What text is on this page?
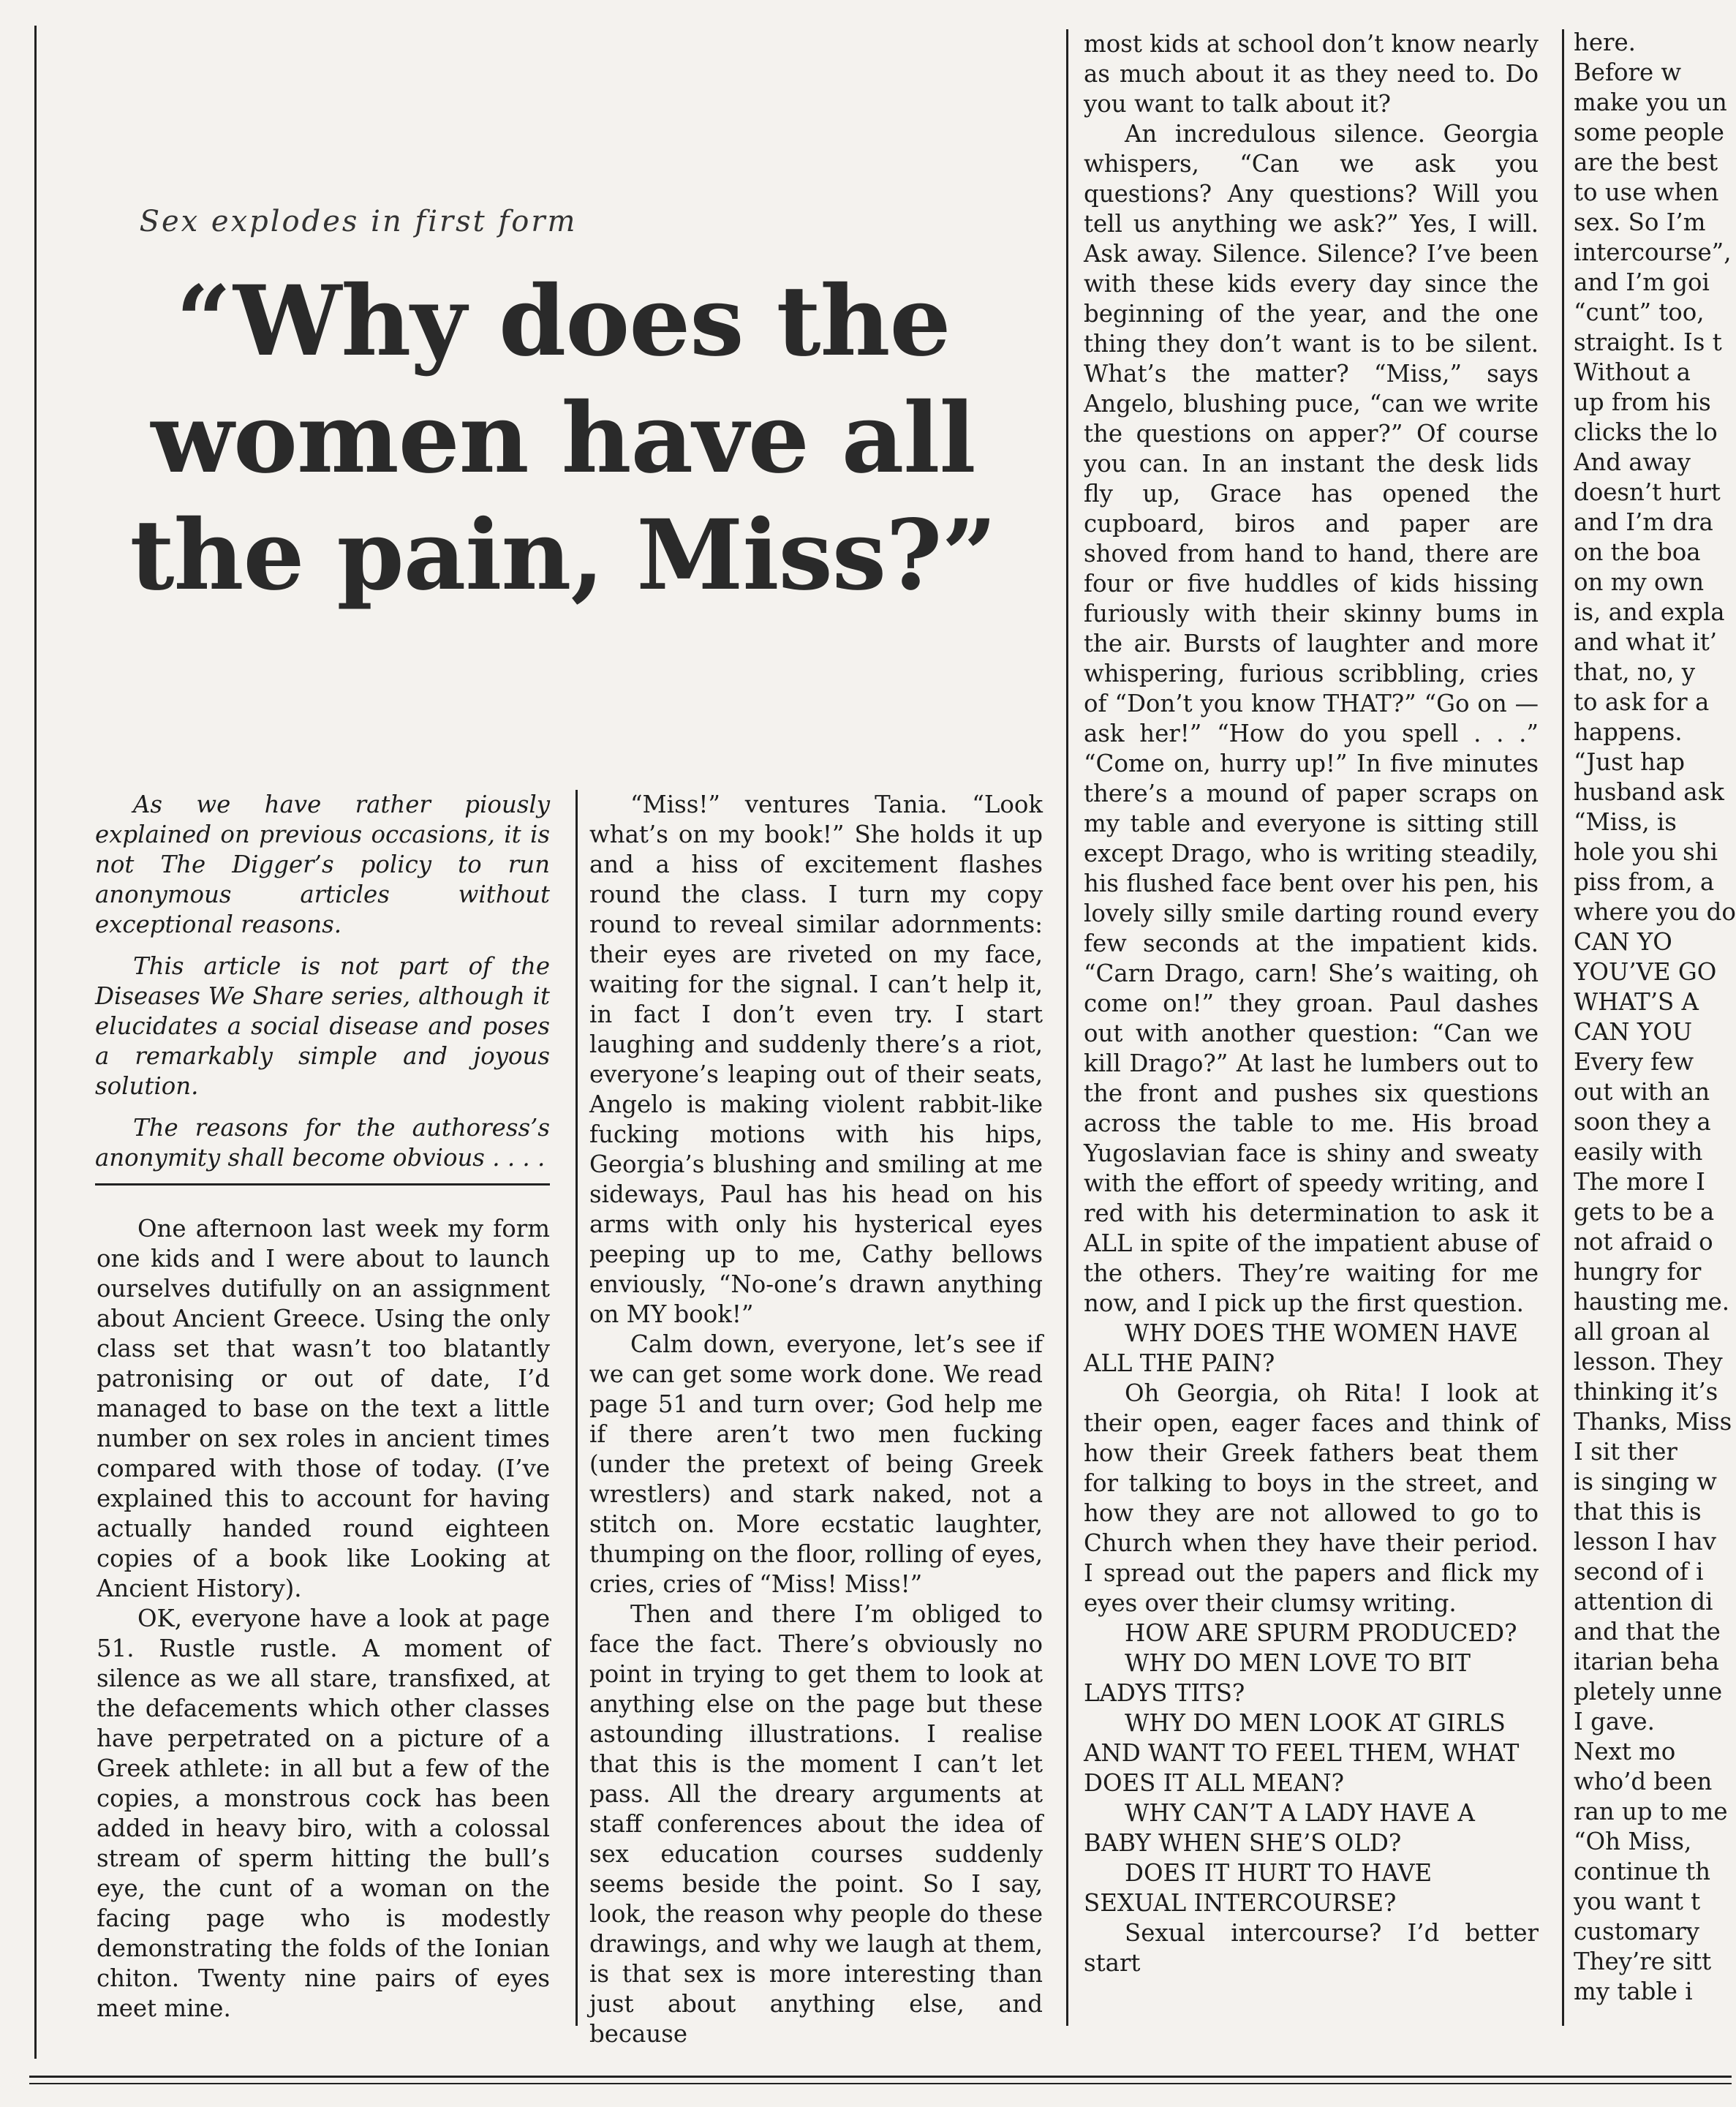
Sex explodes in first form
“Why does the women have all the pain, Miss?”

As we have rather piously explained on previous occasions, it is not The Digger’s policy to run anonymous articles without exceptional reasons.

This article is not part of the Diseases We Share series, although it elucidates a social disease and poses a remarkably simple and joyous solution.

The reasons for the authoress’s anonymity shall become obvious . . . .

One afternoon last week my form one kids and I were about to launch ourselves dutifully on an assignment about Ancient Greece. Using the only class set that wasn’t too blatantly patronising or out of date, I’d managed to base on the text a little number on sex roles in ancient times compared with those of today. (I’ve explained this to account for having actually handed round eighteen copies of a book like Looking at Ancient History).

OK, everyone have a look at page 51. Rustle rustle. A moment of silence as we all stare, transfixed, at the defacements which other classes have perpetrated on a picture of a Greek athlete: in all but a few of the copies, a monstrous cock has been added in heavy biro, with a colossal stream of sperm hitting the bull’s eye, the cunt of a woman on the facing page who is modestly demonstrating the folds of the Ionian chiton. Twenty nine pairs of eyes meet mine.

“Miss!” ventures Tania. “Look what’s on my book!” She holds it up and a hiss of excitement flashes round the class. I turn my copy round to reveal similar adornments: their eyes are riveted on my face, waiting for the signal. I can’t help it, in fact I don’t even try. I start laughing and suddenly there’s a riot, everyone’s leaping out of their seats, Angelo is making violent rabbit-like fucking motions with his hips, Georgia’s blushing and smiling at me sideways, Paul has his head on his arms with only his hysterical eyes peeping up to me, Cathy bellows enviously, “No-one’s drawn anything on MY book!”

Calm down, everyone, let’s see if we can get some work done. We read page 51 and turn over; God help me if there aren’t two men fucking (under the pretext of being Greek wrestlers) and stark naked, not a stitch on. More ecstatic laughter, thumping on the floor, rolling of eyes, cries, cries of “Miss! Miss!”

Then and there I’m obliged to face the fact. There’s obviously no point in trying to get them to look at anything else on the page but these astounding illustrations. I realise that this is the moment I can’t let pass. All the dreary arguments at staff conferences about the idea of sex education courses suddenly seems beside the point. So I say, look, the reason why people do these drawings, and why we laugh at them, is that sex is more interesting than just about anything else, and because

most kids at school don’t know nearly as much about it as they need to. Do you want to talk about it?

An incredulous silence. Georgia whispers, “Can we ask you questions? Any questions? Will you tell us anything we ask?” Yes, I will. Ask away. Silence. Silence? I’ve been with these kids every day since the beginning of the year, and the one thing they don’t want is to be silent. What’s the matter? “Miss,” says Angelo, blushing puce, “can we write the questions on apper?” Of course you can. In an instant the desk lids fly up, Grace has opened the cupboard, biros and paper are shoved from hand to hand, there are four or five huddles of kids hissing furiously with their skinny bums in the air. Bursts of laughter and more whispering, furious scribbling, cries of “Don’t you know THAT?” “Go on — ask her!” “How do you spell . . .” “Come on, hurry up!” In five minutes there’s a mound of paper scraps on my table and everyone is sitting still except Drago, who is writing steadily, his flushed face bent over his pen, his lovely silly smile darting round every few seconds at the impatient kids. “Carn Drago, carn! She’s waiting, oh come on!” they groan. Paul dashes out with another question: “Can we kill Drago?” At last he lumbers out to the front and pushes six questions across the table to me. His broad Yugoslavian face is shiny and sweaty with the effort of speedy writing, and red with his determination to ask it ALL in spite of the impatient abuse of the others. They’re waiting for me now, and I pick up the first question.

WHY DOES THE WOMEN HAVE ALL THE PAIN?

Oh Georgia, oh Rita! I look at their open, eager faces and think of how their Greek fathers beat them for talking to boys in the street, and how they are not allowed to go to Church when they have their period. I spread out the papers and flick my eyes over their clumsy writing.

HOW ARE SPURM PRODUCED?

WHY DO MEN LOVE TO BIT LADYS TITS?

WHY DO MEN LOOK AT GIRLS AND WANT TO FEEL THEM, WHAT DOES IT ALL MEAN?

WHY CAN’T A LADY HAVE A BABY WHEN SHE’S OLD?

DOES IT HURT TO HAVE SEXUAL INTERCOURSE?

Sexual intercourse? I’d better start

here.
Before w
make you un
some people
are the best
to use when
sex. So I’m
intercourse”,
and I’m goi
“cunt” too,
straight. Is t
Without a
up from his
clicks the lo
And away
doesn’t hurt
and I’m dra
on the boa
on my own
is, and expla
and what it’
that, no, y
to ask for a
happens.
“Just hap
husband ask
“Miss, is
hole you shi
piss from, a
where you do
CAN YO
YOU’VE GO
WHAT’S A
CAN YOU
Every few
out with an
soon they a
easily with
The more I
gets to be a
not afraid o
hungry for
hausting me.
all groan al
lesson. They
thinking it’s
Thanks, Miss
I sit ther
is singing w
that this is
lesson I hav
second of i
attention di
and that the
itarian beha
pletely unne
I gave.
Next mo
who’d been
ran up to me
“Oh Miss,
continue th
you want t
customary
They’re sitt
my table i
